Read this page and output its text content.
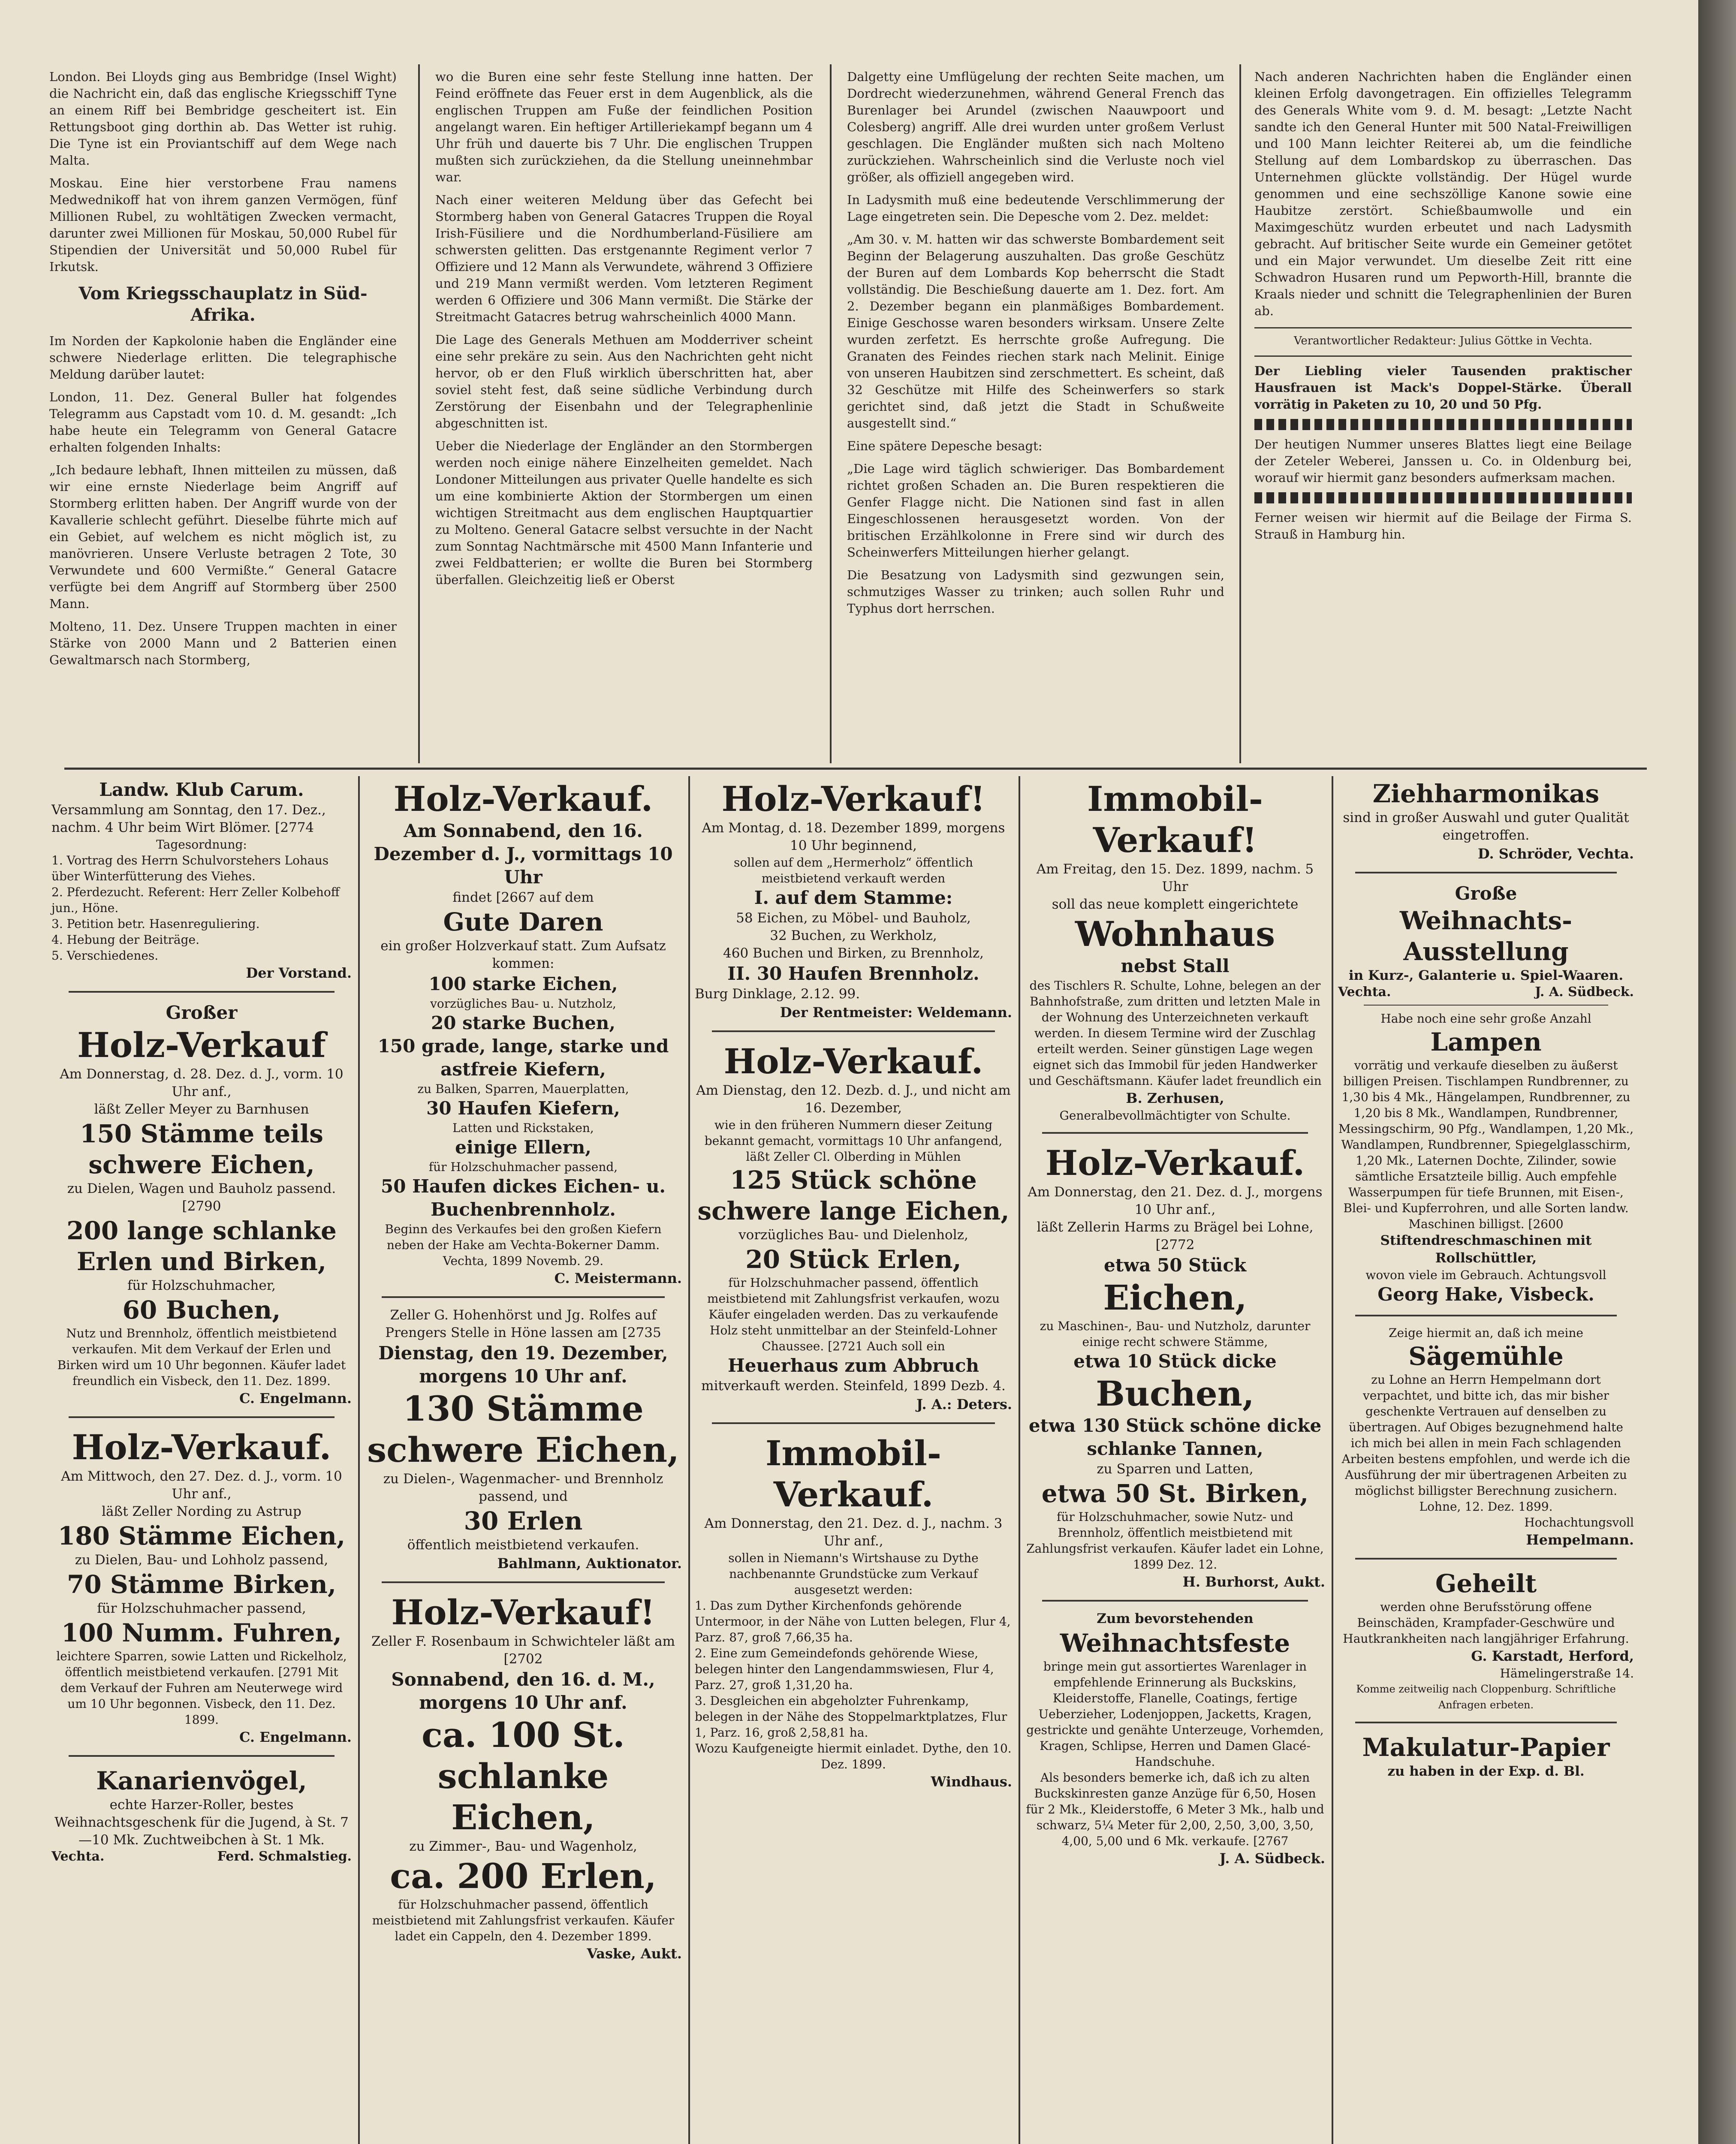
London. Bei Lloyds ging aus Bembridge (Insel Wight) die Nachricht ein, daß das englische Kriegsschiff Tyne an einem Riff bei Bembridge gescheitert ist. Ein Rettungsboot ging dorthin ab. Das Wetter ist ruhig. Die Tyne ist ein Proviantschiff auf dem Wege nach Malta.

Moskau. Eine hier verstorbene Frau namens Medwednikoff hat von ihrem ganzen Vermögen, fünf Millionen Rubel, zu wohltätigen Zwecken vermacht, darunter zwei Millionen für Moskau, 50,000 Rubel für Stipendien der Universität und 50,000 Rubel für Irkutsk.

Vom Kriegsschauplatz in Süd-Afrika.

Im Norden der Kapkolonie haben die Engländer eine schwere Niederlage erlitten. Die telegraphische Meldung darüber lautet:

London, 11. Dez. General Buller hat folgendes Telegramm aus Capstadt vom 10. d. M. gesandt: „Ich habe heute ein Telegramm von General Gatacre erhalten folgenden Inhalts:

„Ich bedaure lebhaft, Ihnen mitteilen zu müssen, daß wir eine ernste Niederlage beim Angriff auf Stormberg erlitten haben. Der Angriff wurde von der Kavallerie schlecht geführt. Dieselbe führte mich auf ein Gebiet, auf welchem es nicht möglich ist, zu manövrieren. Unsere Verluste betragen 2 Tote, 30 Verwundete und 600 Vermißte.“ General Gatacre verfügte bei dem Angriff auf Stormberg über 2500 Mann.

Molteno, 11. Dez. Unsere Truppen machten in einer Stärke von 2000 Mann und 2 Batterien einen Gewaltmarsch nach Stormberg,

wo die Buren eine sehr feste Stellung inne hatten. Der Feind eröffnete das Feuer erst in dem Augenblick, als die englischen Truppen am Fuße der feindlichen Position angelangt waren. Ein heftiger Artilleriekampf begann um 4 Uhr früh und dauerte bis 7 Uhr. Die englischen Truppen mußten sich zurückziehen, da die Stellung uneinnehmbar war.

Nach einer weiteren Meldung über das Gefecht bei Stormberg haben von General Gatacres Truppen die Royal Irish-Füsiliere und die Nordhumberland-Füsiliere am schwersten gelitten. Das erstgenannte Regiment verlor 7 Offiziere und 12 Mann als Verwundete, während 3 Offiziere und 219 Mann vermißt werden. Vom letzteren Regiment werden 6 Offiziere und 306 Mann vermißt. Die Stärke der Streitmacht Gatacres betrug wahrscheinlich 4000 Mann.

Die Lage des Generals Methuen am Modderriver scheint eine sehr prekäre zu sein. Aus den Nachrichten geht nicht hervor, ob er den Fluß wirklich überschritten hat, aber soviel steht fest, daß seine südliche Verbindung durch Zerstörung der Eisenbahn und der Telegraphenlinie abgeschnitten ist.

Ueber die Niederlage der Engländer an den Stormbergen werden noch einige nähere Einzelheiten gemeldet. Nach Londoner Mitteilungen aus privater Quelle handelte es sich um eine kombinierte Aktion der Stormbergen um einen wichtigen Streitmacht aus dem englischen Hauptquartier zu Molteno. General Gatacre selbst versuchte in der Nacht zum Sonntag Nachtmärsche mit 4500 Mann Infanterie und zwei Feldbatterien; er wollte die Buren bei Stormberg überfallen. Gleichzeitig ließ er Oberst

Dalgetty eine Umflügelung der rechten Seite machen, um Dordrecht wiederzunehmen, während General French das Burenlager bei Arundel (zwischen Naauwpoort und Colesberg) angriff. Alle drei wurden unter großem Verlust geschlagen. Die Engländer mußten sich nach Molteno zurückziehen. Wahrscheinlich sind die Verluste noch viel größer, als offiziell angegeben wird.

In Ladysmith muß eine bedeutende Verschlimmerung der Lage eingetreten sein. Die Depesche vom 2. Dez. meldet:

„Am 30. v. M. hatten wir das schwerste Bombardement seit Beginn der Belagerung auszuhalten. Das große Geschütz der Buren auf dem Lombards Kop beherrscht die Stadt vollständig. Die Beschießung dauerte am 1. Dez. fort. Am 2. Dezember begann ein planmäßiges Bombardement. Einige Geschosse waren besonders wirksam. Unsere Zelte wurden zerfetzt. Es herrschte große Aufregung. Die Granaten des Feindes riechen stark nach Melinit. Einige von unseren Haubitzen sind zerschmettert. Es scheint, daß 32 Geschütze mit Hilfe des Scheinwerfers so stark gerichtet sind, daß jetzt die Stadt in Schußweite ausgestellt sind.“

Eine spätere Depesche besagt:

„Die Lage wird täglich schwieriger. Das Bombardement richtet großen Schaden an. Die Buren respektieren die Genfer Flagge nicht. Die Nationen sind fast in allen Eingeschlossenen herausgesetzt worden. Von der britischen Erzählkolonne in Frere sind wir durch des Scheinwerfers Mitteilungen hierher gelangt.

Die Besatzung von Ladysmith sind gezwungen sein, schmutziges Wasser zu trinken; auch sollen Ruhr und Typhus dort herrschen.

Nach anderen Nachrichten haben die Engländer einen kleinen Erfolg davongetragen. Ein offizielles Telegramm des Generals White vom 9. d. M. besagt: „Letzte Nacht sandte ich den General Hunter mit 500 Natal-Freiwilligen und 100 Mann leichter Reiterei ab, um die feindliche Stellung auf dem Lombardskop zu überraschen. Das Unternehmen glückte vollständig. Der Hügel wurde genommen und eine sechszöllige Kanone sowie eine Haubitze zerstört. Schießbaumwolle und ein Maximgeschütz wurden erbeutet und nach Ladysmith gebracht. Auf britischer Seite wurde ein Gemeiner getötet und ein Major verwundet. Um dieselbe Zeit ritt eine Schwadron Husaren rund um Pepworth-Hill, brannte die Kraals nieder und schnitt die Telegraphenlinien der Buren ab.

Verantwortlicher Redakteur: Julius Göttke in Vechta.

Der Liebling vieler Tausenden praktischer Hausfrauen ist Mack's Doppel-Stärke. Überall vorrätig in Paketen zu 10, 20 und 50 Pfg.

Der heutigen Nummer unseres Blattes liegt eine Beilage der Zeteler Weberei, Janssen u. Co. in Oldenburg bei, worauf wir hiermit ganz besonders aufmerksam machen.

Ferner weisen wir hiermit auf die Beilage der Firma S. Strauß in Hamburg hin.

Landw. Klub Carum.
Versammlung am Sonntag, den 17. Dez., nachm. 4 Uhr beim Wirt Blömer. [2774
Tagesordnung:
1. Vortrag des Herrn Schulvorstehers Lohaus über Winterfütterung des Viehes.
2. Pferdezucht. Referent: Herr Zeller Kolbehoff jun., Höne.
3. Petition betr. Hasenreguliering.
4. Hebung der Beiträge.
5. Verschiedenes.
Der Vorstand.
Großer
Holz-Verkauf
Am Donnerstag, d. 28. Dez. d. J., vorm. 10 Uhr anf.,
läßt Zeller Meyer zu Barnhusen
150 Stämme teils schwere Eichen,
zu Dielen, Wagen und Bauholz passend. [2790
200 lange schlanke Erlen und Birken,
für Holzschuhmacher,
60 Buchen,
Nutz und Brennholz, öffentlich meistbietend verkaufen. Mit dem Verkauf der Erlen und Birken wird um 10 Uhr begonnen. Käufer ladet freundlich ein Visbeck, den 11. Dez. 1899.
C. Engelmann.
Holz-Verkauf.
Am Mittwoch, den 27. Dez. d. J., vorm. 10 Uhr anf.,
läßt Zeller Nording zu Astrup
180 Stämme Eichen,
zu Dielen, Bau- und Lohholz passend,
70 Stämme Birken,
für Holzschuhmacher passend,
100 Numm. Fuhren,
leichtere Sparren, sowie Latten und Rickelholz, öffentlich meistbietend verkaufen. [2791 Mit dem Verkauf der Fuhren am Neuterwege wird um 10 Uhr begonnen. Visbeck, den 11. Dez. 1899.
C. Engelmann.
Kanarienvögel,
echte Harzer-Roller, bestes Weihnachtsgeschenk für die Jugend, à St. 7—10 Mk. Zuchtweibchen à St. 1 Mk.
Vechta.	Ferd. Schmalstieg.
Holz-Verkauf.
Am Sonnabend, den 16. Dezember d. J., vormittags 10 Uhr
findet [2667 auf dem
Gute Daren
ein großer Holzverkauf statt. Zum Aufsatz kommen:
100 starke Eichen,
vorzügliches Bau- u. Nutzholz,
20 starke Buchen,
150 grade, lange, starke und astfreie Kiefern,
zu Balken, Sparren, Mauerplatten,
30 Haufen Kiefern,
Latten und Rickstaken,
einige Ellern,
für Holzschuhmacher passend,
50 Haufen dickes Eichen- u. Buchenbrennholz.
Beginn des Verkaufes bei den großen Kiefern neben der Hake am Vechta-Bokerner Damm. Vechta, 1899 Novemb. 29.
C. Meistermann.
Zeller G. Hohenhörst und Jg. Rolfes auf Prengers Stelle in Höne lassen am [2735
Dienstag, den 19. Dezember, morgens 10 Uhr anf.
130 Stämme schwere Eichen,
zu Dielen-, Wagenmacher- und Brennholz passend, und
30 Erlen
öffentlich meistbietend verkaufen.
Bahlmann, Auktionator.
Holz-Verkauf!
Zeller F. Rosenbaum in Schwichteler läßt am [2702
Sonnabend, den 16. d. M., morgens 10 Uhr anf.
ca. 100 St. schlanke Eichen,
zu Zimmer-, Bau- und Wagenholz,
ca. 200 Erlen,
für Holzschuhmacher passend, öffentlich meistbietend mit Zahlungsfrist verkaufen. Käufer ladet ein Cappeln, den 4. Dezember 1899.
Vaske, Aukt.
Holz-Verkauf!
Am Montag, d. 18. Dezember 1899, morgens 10 Uhr beginnend,
sollen auf dem „Hermerholz“ öffentlich meistbietend verkauft werden
I. auf dem Stamme:
58 Eichen, zu Möbel- und Bauholz,
32 Buchen, zu Werkholz,
460 Buchen und Birken, zu Brennholz,
II. 30 Haufen Brennholz.
Burg Dinklage, 2.12. 99.
Der Rentmeister: Weldemann.
Holz-Verkauf.
Am Dienstag, den 12. Dezb. d. J., und nicht am 16. Dezember,
wie in den früheren Nummern dieser Zeitung bekannt gemacht, vormittags 10 Uhr anfangend, läßt Zeller Cl. Olberding in Mühlen
125 Stück schöne schwere lange Eichen,
vorzügliches Bau- und Dielenholz,
20 Stück Erlen,
für Holzschuhmacher passend, öffentlich meistbietend mit Zahlungsfrist verkaufen, wozu Käufer eingeladen werden. Das zu verkaufende Holz steht unmittelbar an der Steinfeld-Lohner Chaussee. [2721 Auch soll ein
Heuerhaus zum Abbruch
mitverkauft werden. Steinfeld, 1899 Dezb. 4.
J. A.: Deters.
Immobil-Verkauf.
Am Donnerstag, den 21. Dez. d. J., nachm. 3 Uhr anf.,
sollen in Niemann's Wirtshause zu Dythe nachbenannte Grundstücke zum Verkauf ausgesetzt werden:
1. Das zum Dyther Kirchenfonds gehörende Untermoor, in der Nähe von Lutten belegen, Flur 4, Parz. 87, groß 7,66,35 ha.
2. Eine zum Gemeindefonds gehörende Wiese, belegen hinter den Langendammswiesen, Flur 4, Parz. 27, groß 1,31,20 ha.
3. Desgleichen ein abgeholzter Fuhrenkamp, belegen in der Nähe des Stoppelmarktplatzes, Flur 1, Parz. 16, groß 2,58,81 ha.
Wozu Kaufgeneigte hiermit einladet. Dythe, den 10. Dez. 1899.
Windhaus.
Immobil-Verkauf!
Am Freitag, den 15. Dez. 1899, nachm. 5 Uhr
soll das neue komplett eingerichtete
Wohnhaus
nebst Stall
des Tischlers R. Schulte, Lohne, belegen an der Bahnhofstraße, zum dritten und letzten Male in der Wohnung des Unterzeichneten verkauft werden. In diesem Termine wird der Zuschlag erteilt werden. Seiner günstigen Lage wegen eignet sich das Immobil für jeden Handwerker und Geschäftsmann. Käufer ladet freundlich ein
B. Zerhusen,
Generalbevollmächtigter von Schulte.
Holz-Verkauf.
Am Donnerstag, den 21. Dez. d. J., morgens 10 Uhr anf.,
läßt Zellerin Harms zu Brägel bei Lohne, [2772
etwa 50 Stück
Eichen,
zu Maschinen-, Bau- und Nutzholz, darunter einige recht schwere Stämme,
etwa 10 Stück dicke
Buchen,
etwa 130 Stück schöne dicke schlanke Tannen,
zu Sparren und Latten,
etwa 50 St. Birken,
für Holzschuhmacher, sowie Nutz- und Brennholz, öffentlich meistbietend mit Zahlungsfrist verkaufen. Käufer ladet ein Lohne, 1899 Dez. 12.
H. Burhorst, Aukt.
Zum bevorstehenden
Weihnachtsfeste
bringe mein gut assortiertes Warenlager in empfehlende Erinnerung als Buckskins, Kleiderstoffe, Flanelle, Coatings, fertige Ueberzieher, Lodenjoppen, Jacketts, Kragen, gestrickte und genähte Unterzeuge, Vorhemden, Kragen, Schlipse, Herren und Damen Glacé-Handschuhe.
Als besonders bemerke ich, daß ich zu alten Buckskinresten ganze Anzüge für 6,50, Hosen für 2 Mk., Kleiderstoffe, 6 Meter 3 Mk., halb und schwarz, 5¼ Meter für 2,00, 2,50, 3,00, 3,50, 4,00, 5,00 und 6 Mk. verkaufe. [2767
J. A. Südbeck.
Ziehharmonikas
sind in großer Auswahl und guter Qualität eingetroffen.
D. Schröder, Vechta.
Große
Weihnachts-
Ausstellung
in Kurz-, Galanterie u. Spiel-Waaren.
Vechta.	J. A. Südbeck.
Habe noch eine sehr große Anzahl
Lampen
vorrätig und verkaufe dieselben zu äußerst billigen Preisen. Tischlampen Rundbrenner, zu 1,30 bis 4 Mk., Hängelampen, Rundbrenner, zu 1,20 bis 8 Mk., Wandlampen, Rundbrenner, Messingschirm, 90 Pfg., Wandlampen, 1,20 Mk., Wandlampen, Rundbrenner, Spiegelglasschirm, 1,20 Mk., Laternen Dochte, Zilinder, sowie sämtliche Ersatzteile billig. Auch empfehle Wasserpumpen für tiefe Brunnen, mit Eisen-, Blei- und Kupferrohren, und alle Sorten landw. Maschinen billigst. [2600
Stiftendreschmaschinen mit Rollschüttler,
wovon viele im Gebrauch. Achtungsvoll
Georg Hake, Visbeck.
Zeige hiermit an, daß ich meine
Sägemühle
zu Lohne an Herrn Hempelmann dort verpachtet, und bitte ich, das mir bisher geschenkte Vertrauen auf denselben zu übertragen. Auf Obiges bezugnehmend halte ich mich bei allen in mein Fach schlagenden Arbeiten bestens empfohlen, und werde ich die Ausführung der mir übertragenen Arbeiten zu möglichst billigster Berechnung zusichern.
Lohne, 12. Dez. 1899.
Hochachtungsvoll
Hempelmann.
Geheilt
werden ohne Berufsstörung offene Beinschäden, Krampfader-Geschwüre und Hautkrankheiten nach langjähriger Erfahrung.
G. Karstadt, Herford,
Hämelingerstraße 14.
Komme zeitweilig nach Cloppenburg. Schriftliche Anfragen erbeten.
Makulatur-Papier
zu haben in der Exp. d. Bl.
